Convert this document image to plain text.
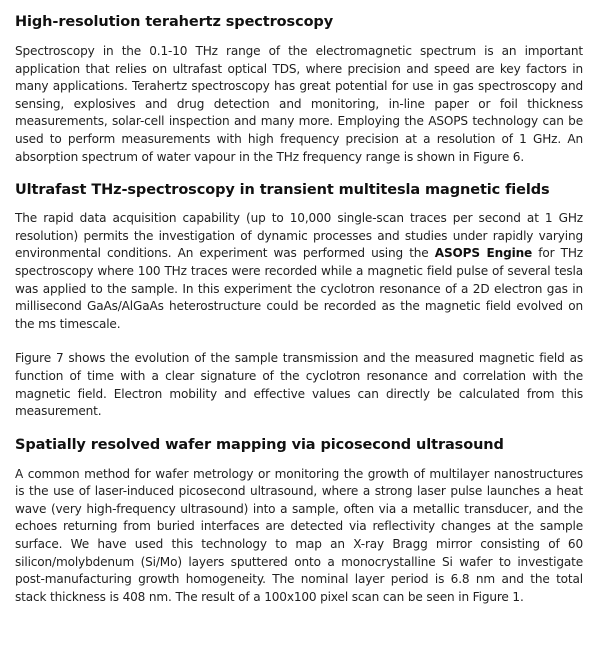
High-resolution terahertz spectroscopy

Spectroscopy in the 0.1-10 THz range of the electromagnetic spectrum is an important application that relies on ultrafast optical TDS, where precision and speed are key factors in many applications. Terahertz spectroscopy has great potential for use in gas spectroscopy and sensing, explosives and drug detection and monitoring, in-line paper or foil thickness measurements, solar-cell inspection and many more. Employing the ASOPS technology can be used to perform measurements with high frequency precision at a resolution of 1 GHz. An absorption spectrum of water vapour in the THz frequency range is shown in Figure 6.

Ultrafast THz-spectroscopy in transient multitesla magnetic fields

The rapid data acquisition capability (up to 10,000 single-scan traces per second at 1 GHz resolution) permits the investigation of dynamic processes and studies under rapidly varying environmental conditions. An experiment was performed using the ASOPS Engine for THz spectroscopy where 100 THz traces were recorded while a magnetic field pulse of several tesla was applied to the sample. In this experiment the cyclotron resonance of a 2D electron gas in millisecond GaAs/AlGaAs heterostructure could be recorded as the magnetic field evolved on the ms timescale.

Figure 7 shows the evolution of the sample transmission and the measured magnetic field as function of time with a clear signature of the cyclotron resonance and correlation with the magnetic field. Electron mobility and effective values can directly be calculated from this measurement.

Spatially resolved wafer mapping via picosecond ultrasound

A common method for wafer metrology or monitoring the growth of multilayer nanostructures is the use of laser-induced picosecond ultrasound, where a strong laser pulse launches a heat wave (very high-frequency ultrasound) into a sample, often via a metallic transducer, and the echoes returning from buried interfaces are detected via reflectivity changes at the sample surface. We have used this technology to map an X-ray Bragg mirror consisting of 60 silicon/molybdenum (Si/Mo) layers sputtered onto a monocrystalline Si wafer to investigate post-manufacturing growth homogeneity. The nominal layer period is 6.8 nm and the total stack thickness is 408 nm. The result of a 100x100 pixel scan can be seen in Figure 1.
